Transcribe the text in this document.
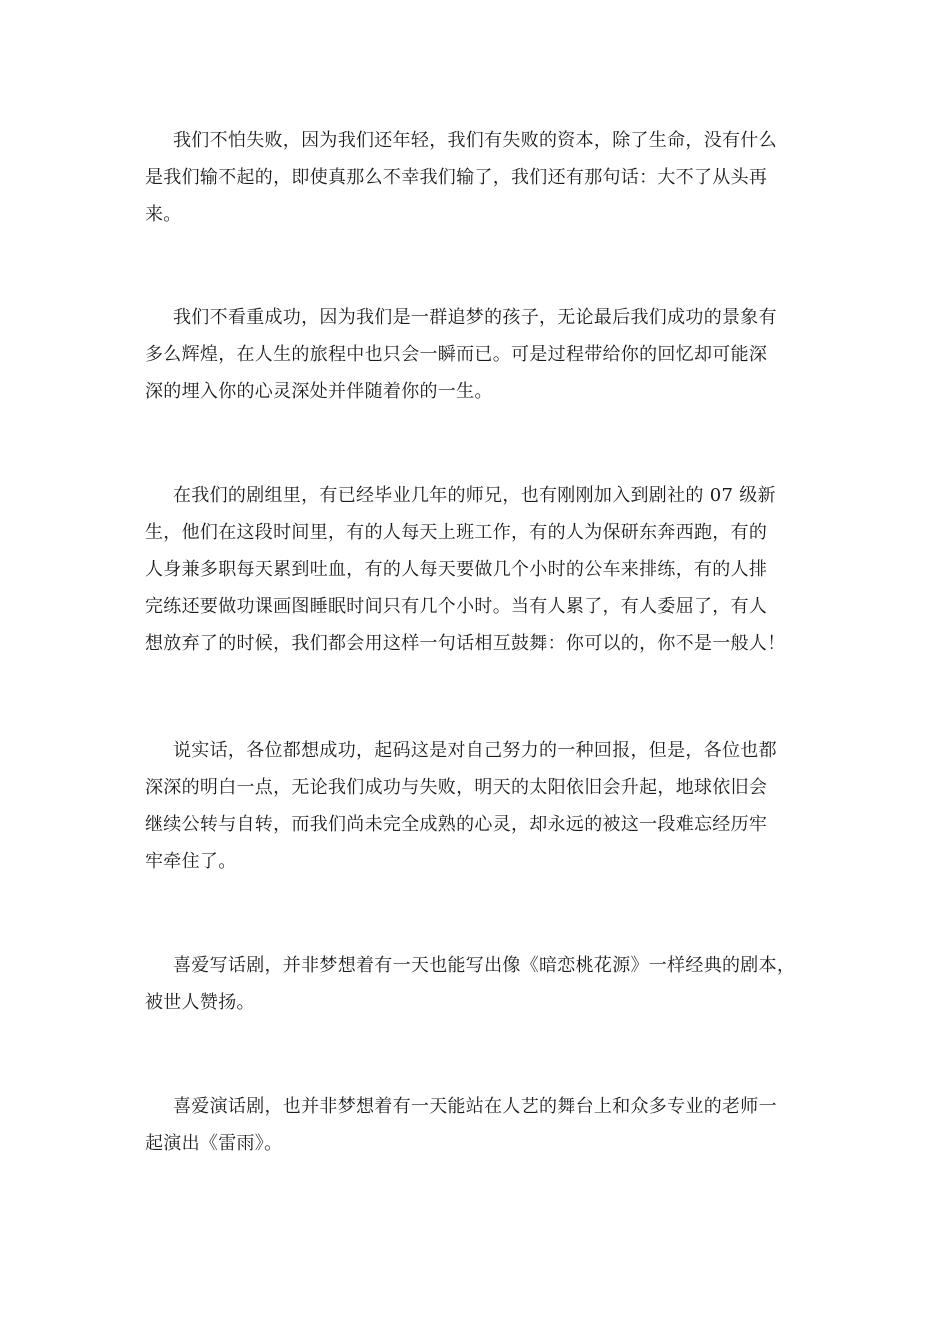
我们不怕失败，因为我们还年轻，我们有失败的资本，除了生命，没有什么
是我们输不起的，即使真那么不幸我们输了，我们还有那句话：大不了从头再
来。

我们不看重成功，因为我们是一群追梦的孩子，无论最后我们成功的景象有
多么辉煌，在人生的旅程中也只会一瞬而已。可是过程带给你的回忆却可能深
深的埋入你的心灵深处并伴随着你的一生。

在我们的剧组里，有已经毕业几年的师兄，也有刚刚加入到剧社的 07 级新
生，他们在这段时间里，有的人每天上班工作，有的人为保研东奔西跑，有的
人身兼多职每天累到吐血，有的人每天要做几个小时的公车来排练，有的人排
完练还要做功课画图睡眠时间只有几个小时。当有人累了，有人委屈了，有人
想放弃了的时候，我们都会用这样一句话相互鼓舞：你可以的，你不是一般人！

说实话，各位都想成功，起码这是对自己努力的一种回报，但是，各位也都
深深的明白一点，无论我们成功与失败，明天的太阳依旧会升起，地球依旧会
继续公转与自转，而我们尚未完全成熟的心灵，却永远的被这一段难忘经历牢
牢牵住了。

喜爱写话剧，并非梦想着有一天也能写出像《暗恋桃花源》一样经典的剧本，
被世人赞扬。

喜爱演话剧，也并非梦想着有一天能站在人艺的舞台上和众多专业的老师一
起演出《雷雨》。
